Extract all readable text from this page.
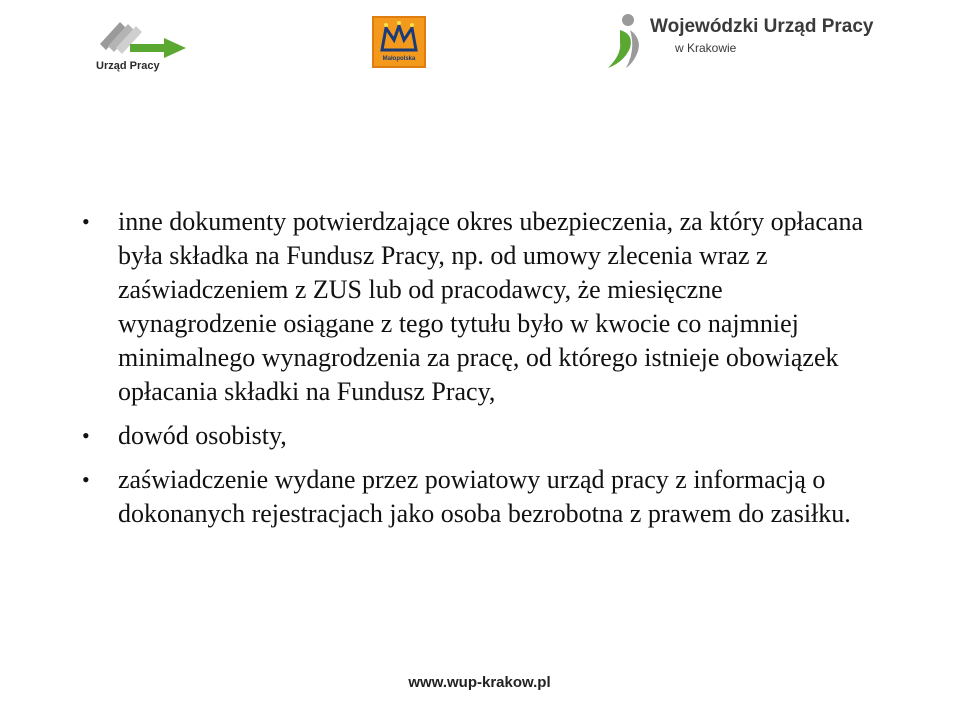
Urząd Pracy
Małopolska
Wojewódzki Urząd Pracy
w Krakowie
• inne dokumenty potwierdzające okres ubezpieczenia, za który opłacana była składka na Fundusz Pracy, np. od umowy zlecenia wraz z zaświadczeniem z ZUS lub od pracodawcy, że miesięczne wynagrodzenie osiągane z tego tytułu było w kwocie co najmniej minimalnego wynagrodzenia za pracę, od którego istnieje obowiązek opłacania składki na Fundusz Pracy,
• dowód osobisty,
• zaświadczenie wydane przez powiatowy urząd pracy z informacją o dokonanych rejestracjach jako osoba bezrobotna z prawem do zasiłku.
www.wup-krakow.pl
